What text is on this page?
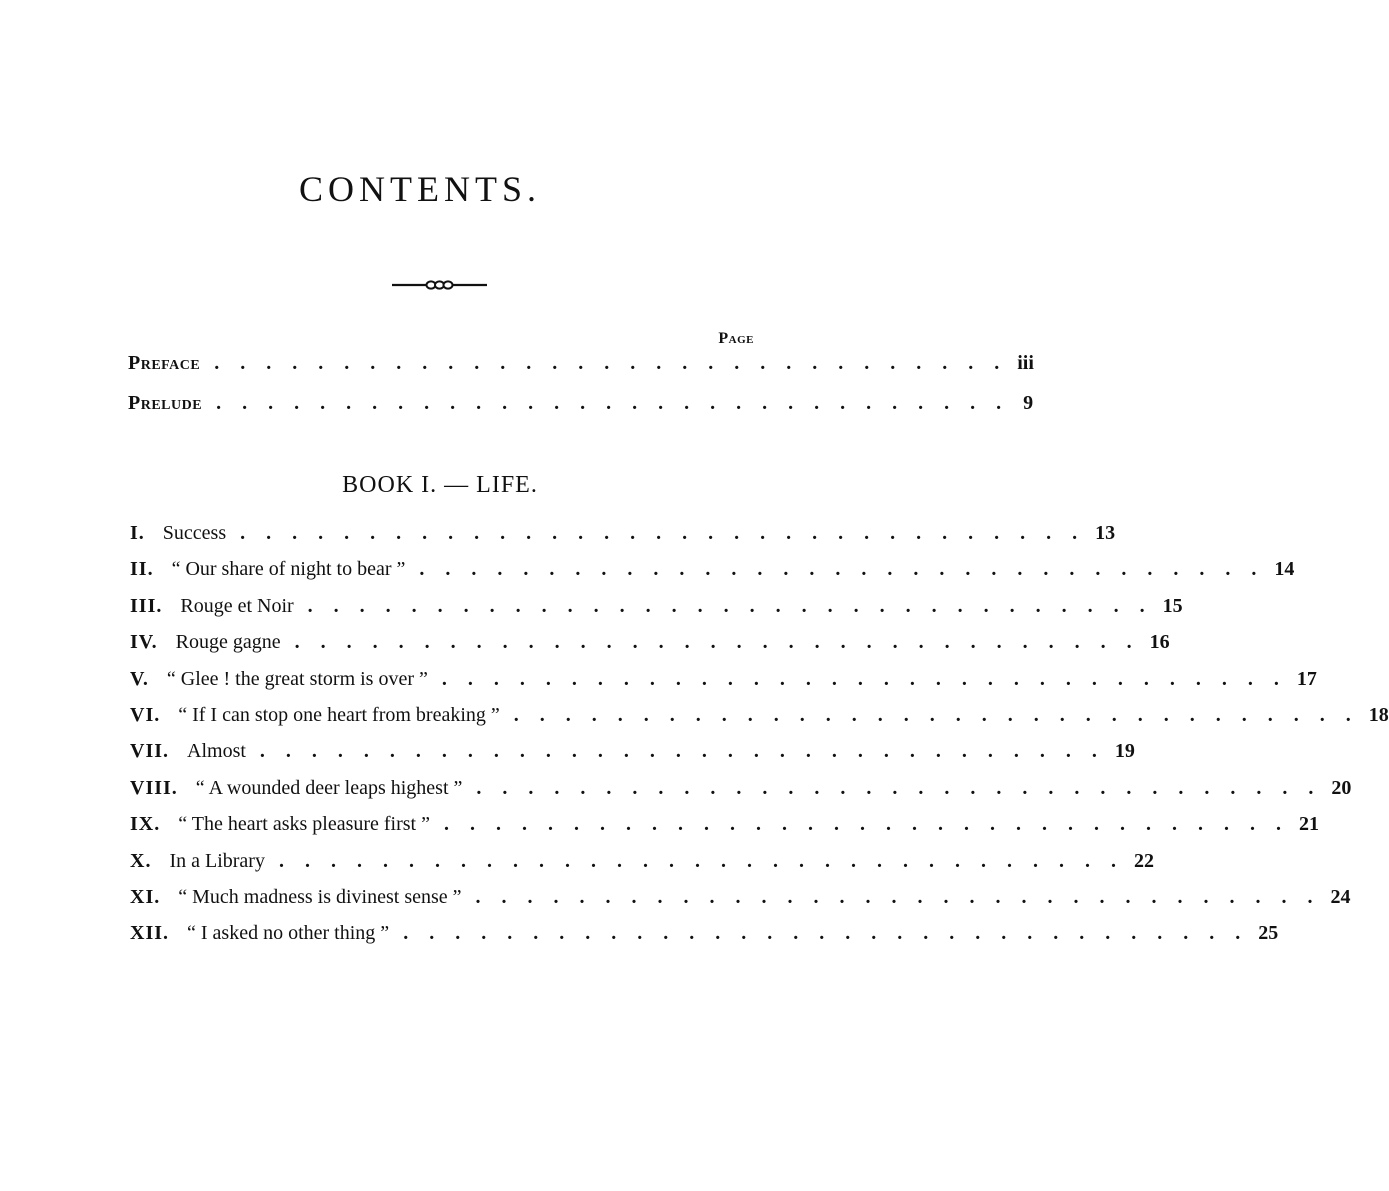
CONTENTS.
Page
Preface . . . . . . . . . . . . . . . . . . . . . . . . . . . . . . . iii
Prelude . . . . . . . . . . . . . . . . . . . . . . . . . . . . . . . 9
BOOK I. — LIFE.
I. Success . . . . . . . . . . . . . . . . . . . . . . . . . . . . . . . . . 13
II. “ Our share of night to bear ” . . . . . . . . . . . . . . . . . . . . . . . . . . . . . . . . . 14
III. Rouge et Noir . . . . . . . . . . . . . . . . . . . . . . . . . . . . . . . . . 15
IV. Rouge gagne . . . . . . . . . . . . . . . . . . . . . . . . . . . . . . . . . 16
V. “ Glee ! the great storm is over ” . . . . . . . . . . . . . . . . . . . . . . . . . . . . . . . . . 17
VI. “ If I can stop one heart from breaking ” . . . . . . . . . . . . . . . . . . . . . . . . . . . . . . . . . 18
VII. Almost . . . . . . . . . . . . . . . . . . . . . . . . . . . . . . . . . 19
VIII. “ A wounded deer leaps highest ” . . . . . . . . . . . . . . . . . . . . . . . . . . . . . . . . . 20
IX. “ The heart asks pleasure first ” . . . . . . . . . . . . . . . . . . . . . . . . . . . . . . . . . 21
X. In a Library . . . . . . . . . . . . . . . . . . . . . . . . . . . . . . . . . 22
XI. “ Much madness is divinest sense ” . . . . . . . . . . . . . . . . . . . . . . . . . . . . . . . . . 24
XII. “ I asked no other thing ” . . . . . . . . . . . . . . . . . . . . . . . . . . . . . . . . . 25
